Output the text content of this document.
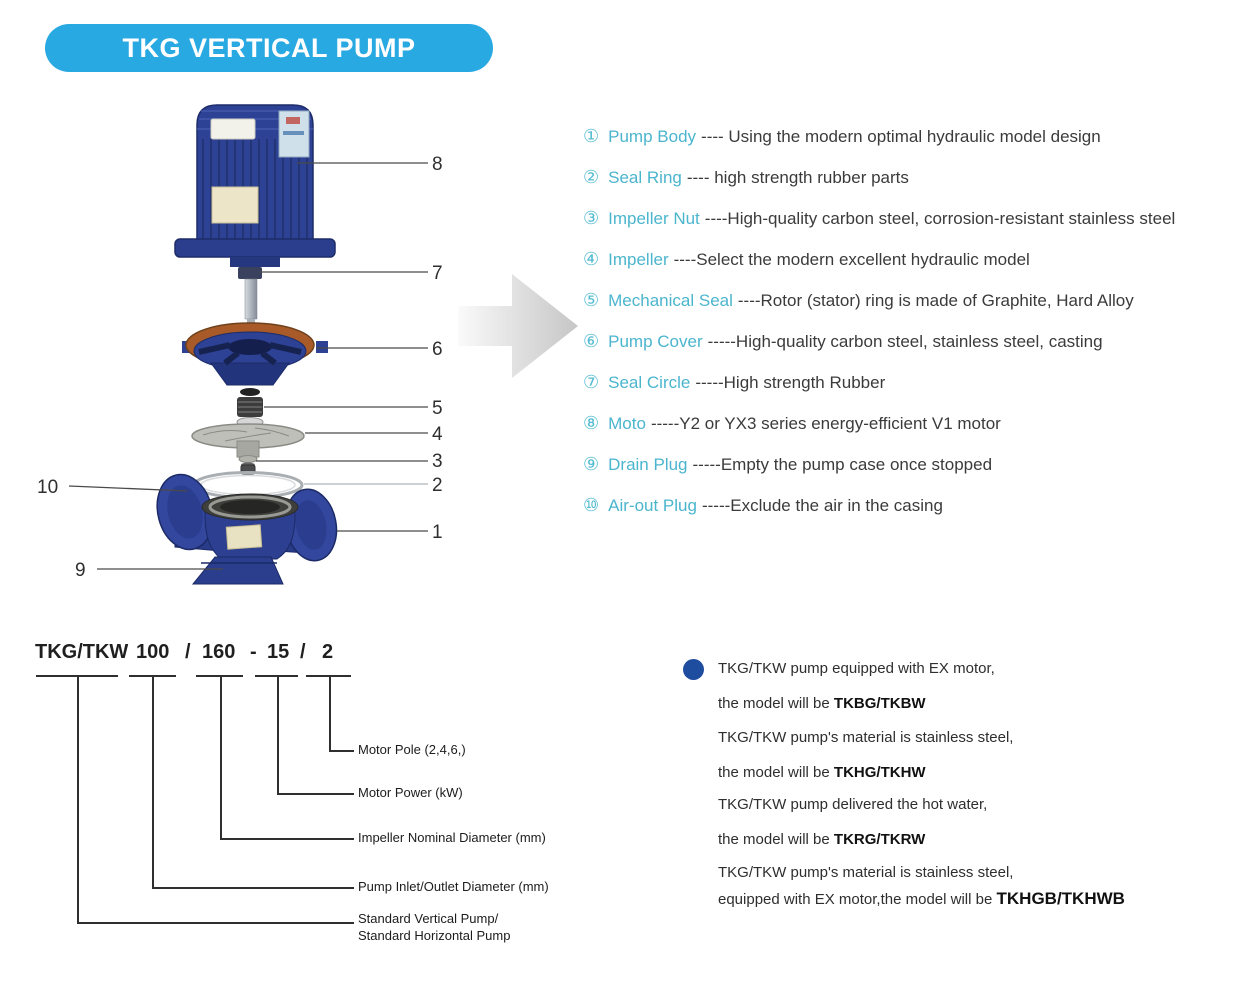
TKG VERTICAL PUMP
8
7
6
5
4
3
2
1
10
9
① Pump Body ---- Using the modern optimal hydraulic model design
② Seal Ring ---- high strength rubber parts
③ Impeller Nut ----High-quality carbon steel, corrosion-resistant stainless steel
④ Impeller ----Select the modern excellent hydraulic model
⑤ Mechanical Seal ----Rotor (stator) ring is made of Graphite, Hard Alloy
⑥ Pump Cover -----High-quality carbon steel, stainless steel, casting
⑦ Seal Circle -----High strength Rubber
⑧ Moto -----Y2 or YX3 series energy-efficient V1 motor
⑨ Drain Plug -----Empty the pump case once stopped
⑩ Air-out Plug -----Exclude the air in the casing
TKG/TKW 100 / 160 - 15 / 2
Motor Pole (2,4,6,)
Motor Power (kW)
Impeller Nominal Diameter (mm)
Pump Inlet/Outlet Diameter (mm)
Standard Vertical Pump/
Standard Horizontal Pump
TKG/TKW pump equipped with EX motor,
the model will be TKBG/TKBW
TKG/TKW pump's material is stainless steel,
the model will be TKHG/TKHW
TKG/TKW pump delivered the hot water,
the model will be TKRG/TKRW
TKG/TKW pump's material is stainless steel,
equipped with EX motor,the model will be TKHGB/TKHWB
